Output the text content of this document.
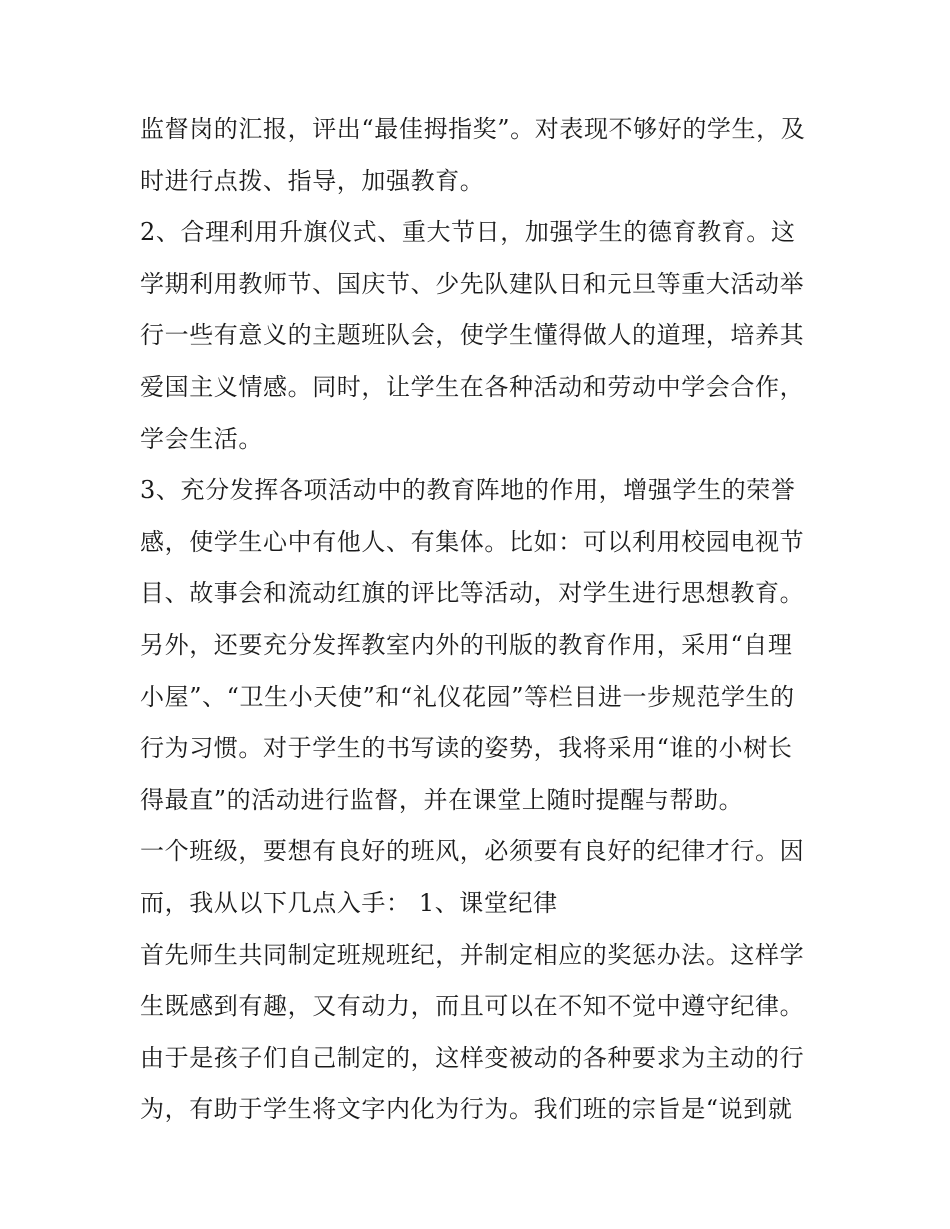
监督岗的汇报，评出“最佳拇指奖”。对表现不够好的学生，及
时进行点拨、指导，加强教育。
2、合理利用升旗仪式、重大节日，加强学生的德育教育。这
学期利用教师节、国庆节、少先队建队日和元旦等重大活动举
行一些有意义的主题班队会，使学生懂得做人的道理，培养其
爱国主义情感。同时，让学生在各种活动和劳动中学会合作，
学会生活。
3、充分发挥各项活动中的教育阵地的作用，增强学生的荣誉
感，使学生心中有他人、有集体。比如：可以利用校园电视节
目、故事会和流动红旗的评比等活动，对学生进行思想教育。
另外，还要充分发挥教室内外的刊版的教育作用，采用“自理
小屋”、“卫生小天使”和“礼仪花园”等栏目进一步规范学生的
行为习惯。对于学生的书写读的姿势，我将采用“谁的小树长
得最直”的活动进行监督，并在课堂上随时提醒与帮助。
一个班级，要想有良好的班风，必须要有良好的纪律才行。因
而，我从以下几点入手： 1、课堂纪律
首先师生共同制定班规班纪，并制定相应的奖惩办法。这样学
生既感到有趣，又有动力，而且可以在不知不觉中遵守纪律。
由于是孩子们自己制定的，这样变被动的各种要求为主动的行
为，有助于学生将文字内化为行为。我们班的宗旨是“说到就
